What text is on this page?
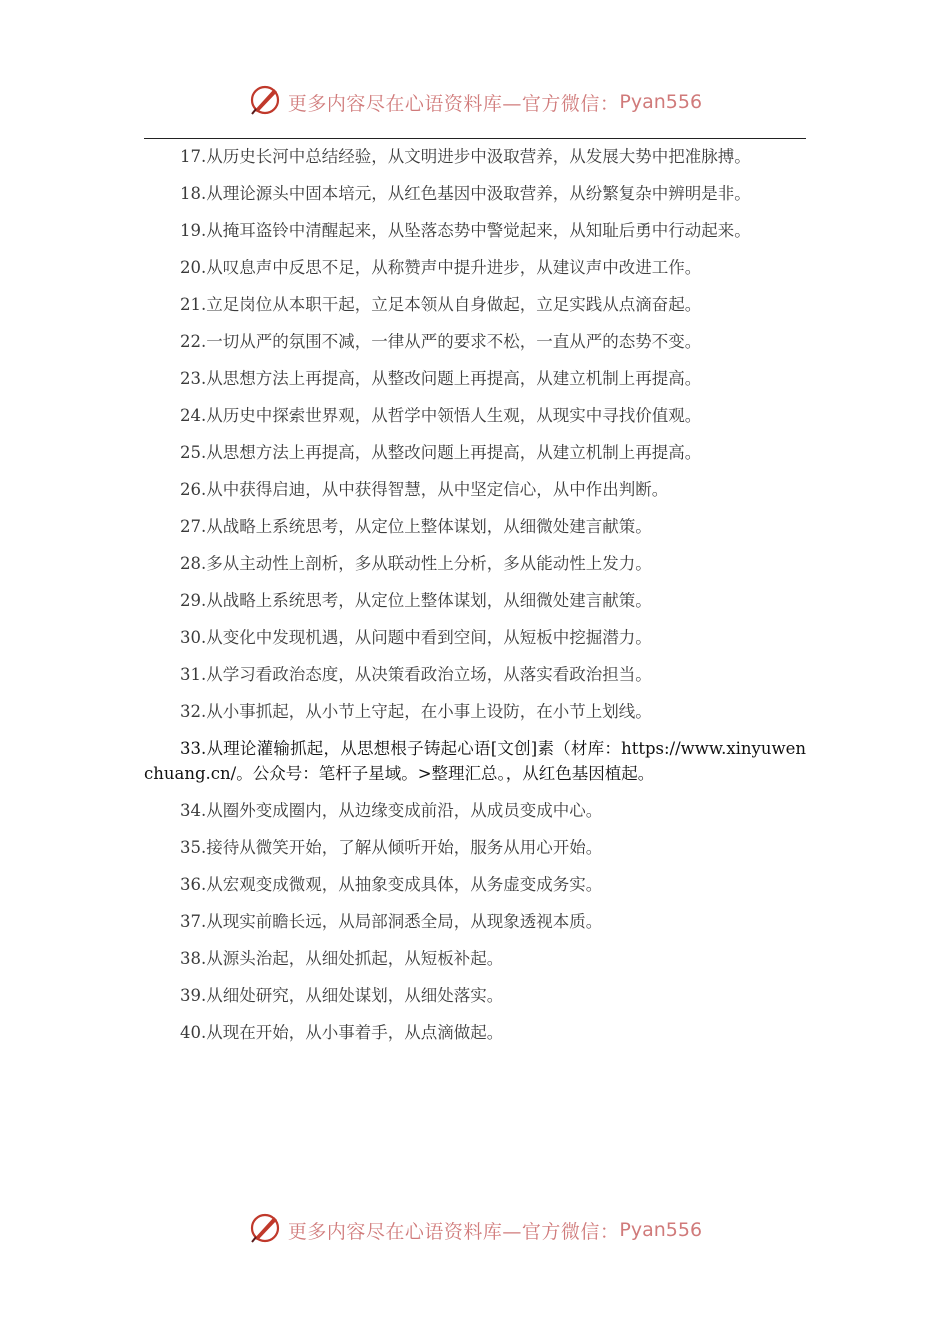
更多内容尽在心语资料库—官方微信： Pyan556

17.从历史长河中总结经验，从文明进步中汲取营养，从发展大势中把准脉搏。

18.从理论源头中固本培元，从红色基因中汲取营养，从纷繁复杂中辨明是非。

19.从掩耳盗铃中清醒起来，从坠落态势中警觉起来，从知耻后勇中行动起来。

20.从叹息声中反思不足，从称赞声中提升进步，从建议声中改进工作。

21.立足岗位从本职干起，立足本领从自身做起，立足实践从点滴奋起。

22.一切从严的氛围不减，一律从严的要求不松，一直从严的态势不变。

23.从思想方法上再提高，从整改问题上再提高，从建立机制上再提高。

24.从历史中探索世界观，从哲学中领悟人生观，从现实中寻找价值观。

25.从思想方法上再提高，从整改问题上再提高，从建立机制上再提高。

26.从中获得启迪，从中获得智慧，从中坚定信心，从中作出判断。

27.从战略上系统思考，从定位上整体谋划，从细微处建言献策。

28.多从主动性上剖析，多从联动性上分析，多从能动性上发力。

29.从战略上系统思考，从定位上整体谋划，从细微处建言献策。

30.从变化中发现机遇，从问题中看到空间，从短板中挖掘潜力。

31.从学习看政治态度，从决策看政治立场，从落实看政治担当。

32.从小事抓起，从小节上守起，在小事上设防，在小节上划线。

33.从理论灌输抓起，从思想根子铸起心语[文创]素（材库：https://www.xinyuwenchuang.cn/。公众号：笔杆子星域。>整理汇总。，从红色基因植起。

34.从圈外变成圈内，从边缘变成前沿，从成员变成中心。

35.接待从微笑开始，了解从倾听开始，服务从用心开始。

36.从宏观变成微观，从抽象变成具体，从务虚变成务实。

37.从现实前瞻长远，从局部洞悉全局，从现象透视本质。

38.从源头治起，从细处抓起，从短板补起。

39.从细处研究，从细处谋划，从细处落实。

40.从现在开始，从小事着手，从点滴做起。

更多内容尽在心语资料库—官方微信： Pyan556
